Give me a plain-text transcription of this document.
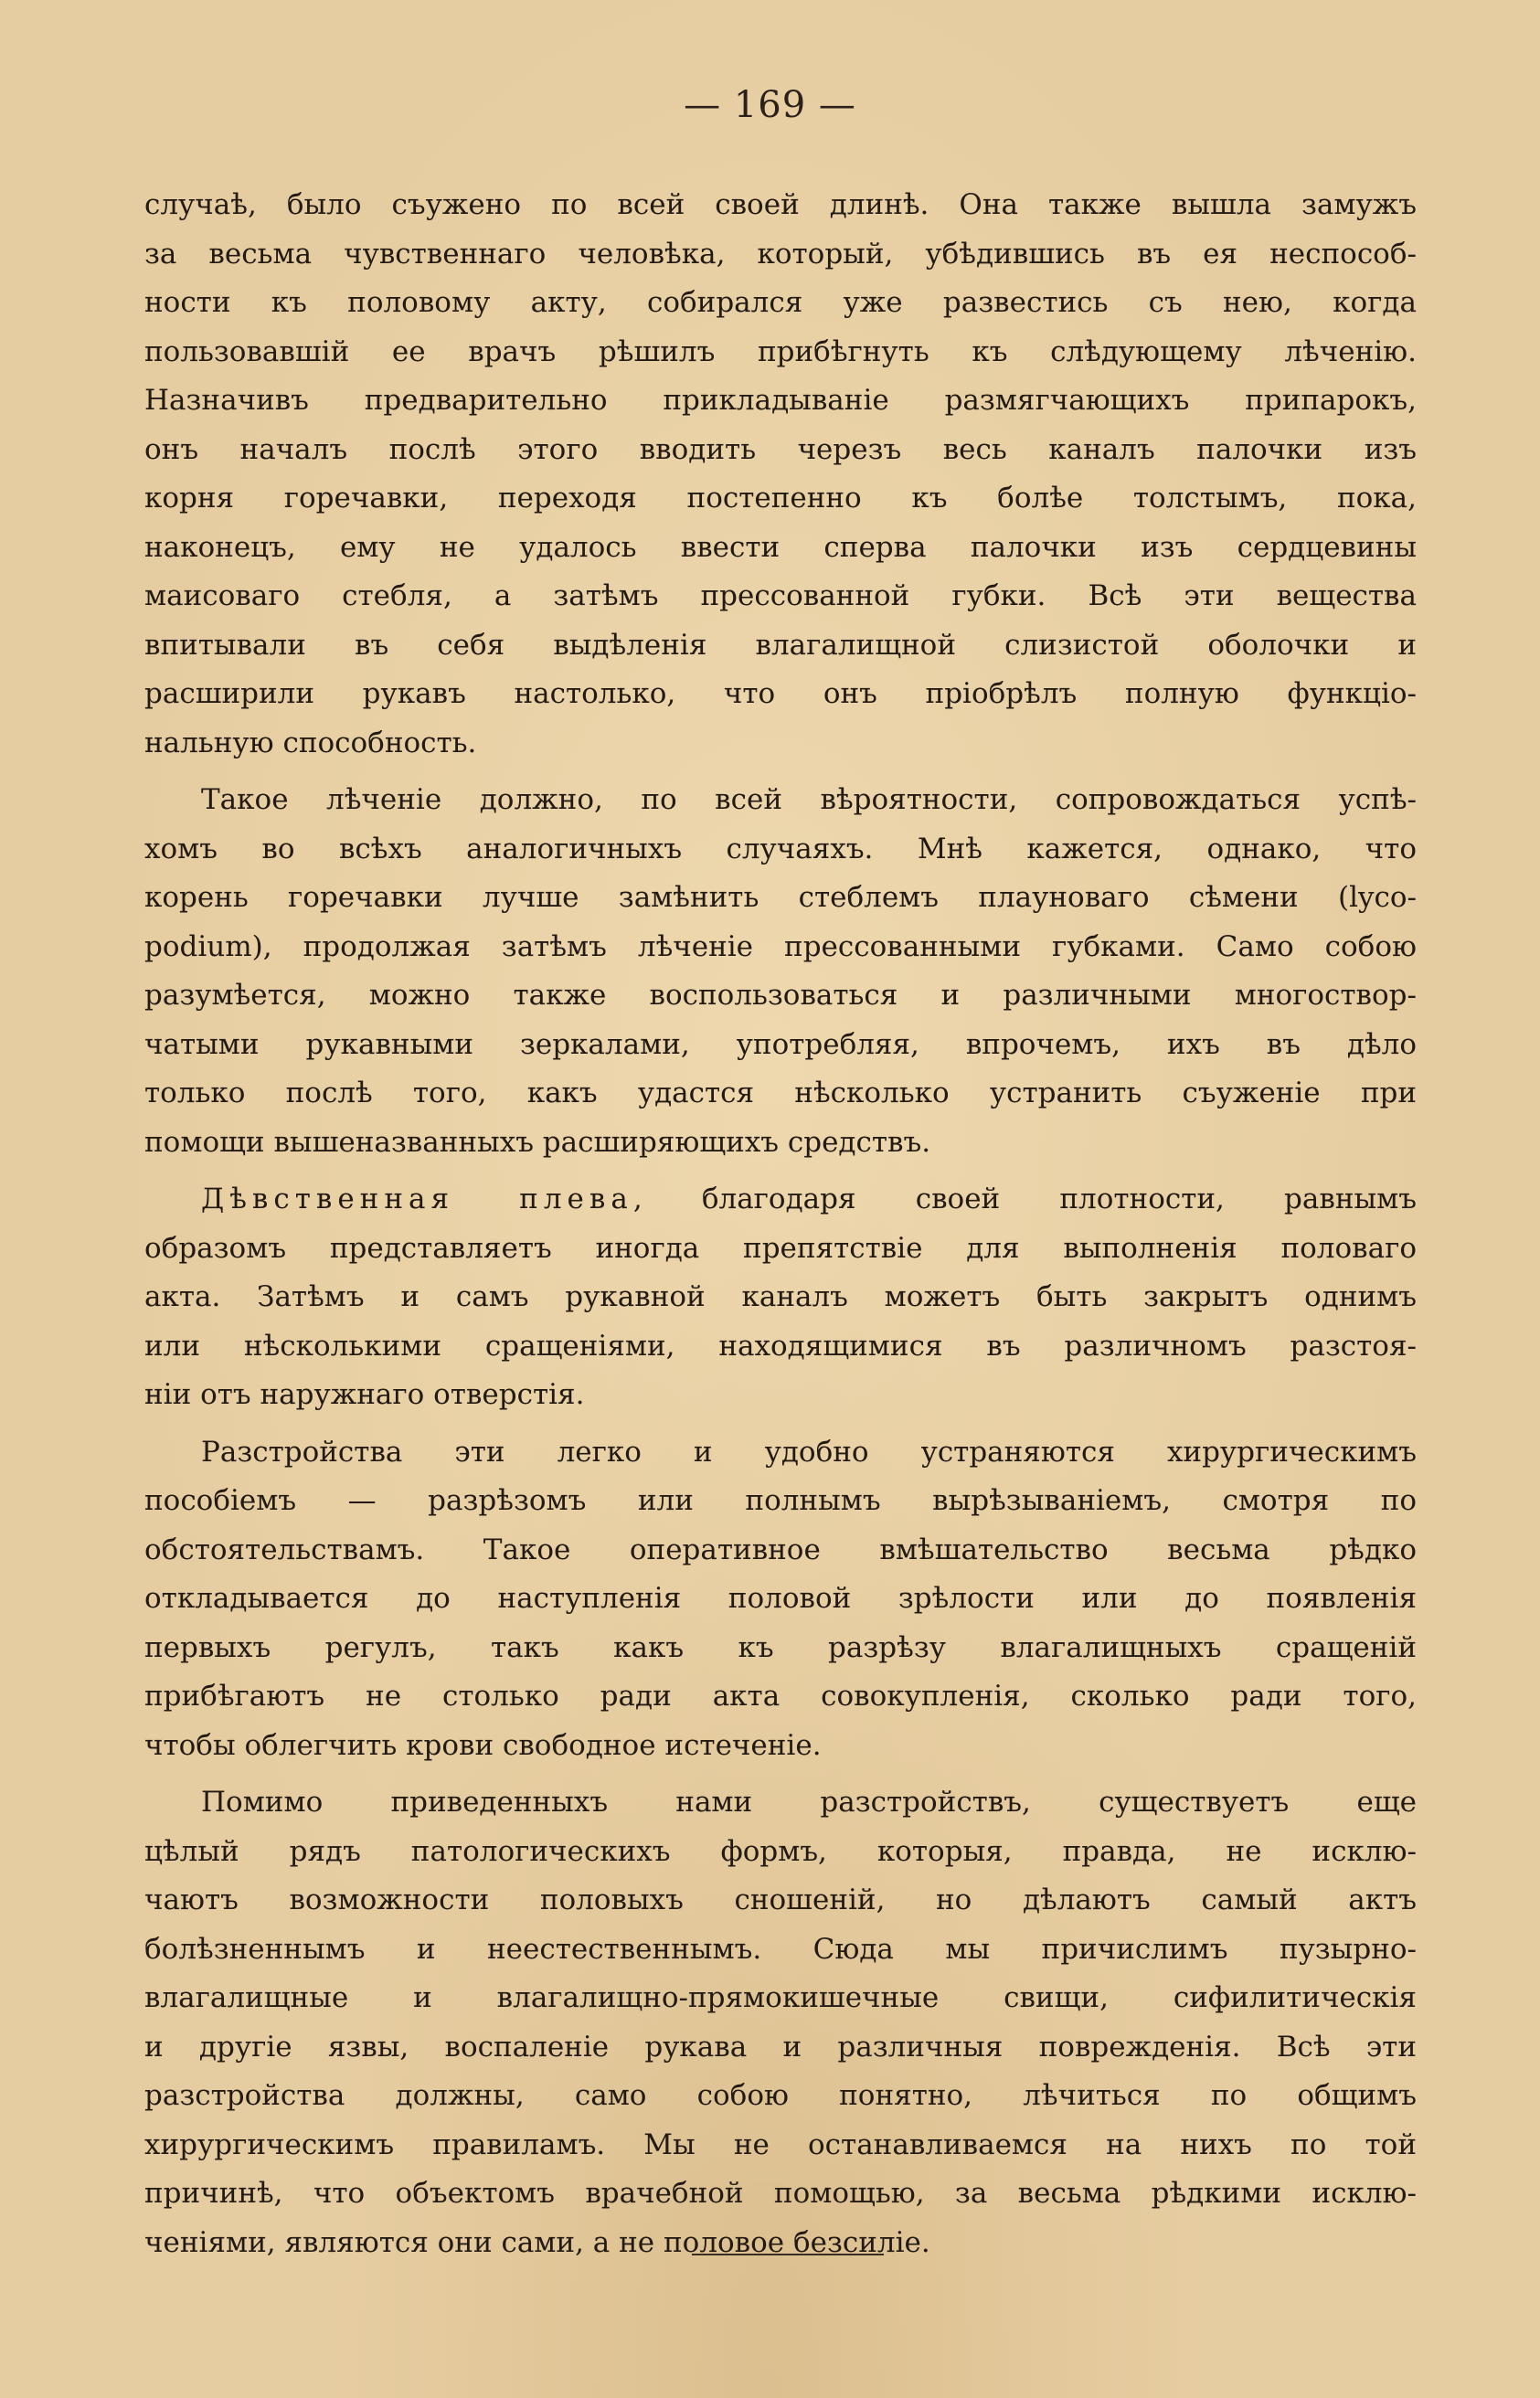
— 169 —
случаѣ, было съужено по всей своей длинѣ. Она также вышла замужъ
за весьма чувственнаго человѣка, который, убѣдившись въ ея неспособ-
ности къ половому акту, собирался уже развестись съ нею, когда
пользовавшій ее врачъ рѣшилъ прибѣгнуть къ слѣдующему лѣченію.
Назначивъ предварительно прикладываніе размягчающихъ припарокъ,
онъ началъ послѣ этого вводить черезъ весь каналъ палочки изъ
корня горечавки, переходя постепенно къ болѣе толстымъ, пока,
наконецъ, ему не удалось ввести сперва палочки изъ сердцевины
маисоваго стебля, а затѣмъ прессованной губки. Всѣ эти вещества
впитывали въ себя выдѣленія влагалищной слизистой оболочки и
расширили рукавъ настолько, что онъ пріобрѣлъ полную функціо-
нальную способность.
Такое лѣченіе должно, по всей вѣроятности, сопровождаться успѣ-
хомъ во всѣхъ аналогичныхъ случаяхъ. Мнѣ кажется, однако, что
корень горечавки лучше замѣнить стеблемъ плауноваго сѣмени (lyco-
podium), продолжая затѣмъ лѣченіе прессованными губками. Само собою
разумѣется, можно также воспользоваться и различными многоствор-
чатыми рукавными зеркалами, употребляя, впрочемъ, ихъ въ дѣло
только послѣ того, какъ удастся нѣсколько устранить съуженіе при
помощи вышеназванныхъ расширяющихъ средствъ.
Дѣвственная плева, благодаря своей плотности, равнымъ
образомъ представляетъ иногда препятствіе для выполненія половаго
акта. Затѣмъ и самъ рукавной каналъ можетъ быть закрытъ однимъ
или нѣсколькими сращеніями, находящимися въ различномъ разстоя-
ніи отъ наружнаго отверстія.
Разстройства эти легко и удобно устраняются хирургическимъ
пособіемъ — разрѣзомъ или полнымъ вырѣзываніемъ, смотря по
обстоятельствамъ. Такое оперативное вмѣшательство весьма рѣдко
откладывается до наступленія половой зрѣлости или до появленія
первыхъ регулъ, такъ какъ къ разрѣзу влагалищныхъ сращеній
прибѣгаютъ не столько ради акта совокупленія, сколько ради того,
чтобы облегчить крови свободное истеченіе.
Помимо приведенныхъ нами разстройствъ, существуетъ еще
цѣлый рядъ патологическихъ формъ, которыя, правда, не исклю-
чаютъ возможности половыхъ сношеній, но дѣлаютъ самый актъ
болѣзненнымъ и неестественнымъ. Сюда мы причислимъ пузырно-
влагалищные и влагалищно-прямокишечные свищи, сифилитическія
и другіе язвы, воспаленіе рукава и различныя поврежденія. Всѣ эти
разстройства должны, само собою понятно, лѣчиться по общимъ
хирургическимъ правиламъ. Мы не останавливаемся на нихъ по той
причинѣ, что объектомъ врачебной помощью, за весьма рѣдкими исклю-
ченіями, являются они сами, а не половое безсиліе.
